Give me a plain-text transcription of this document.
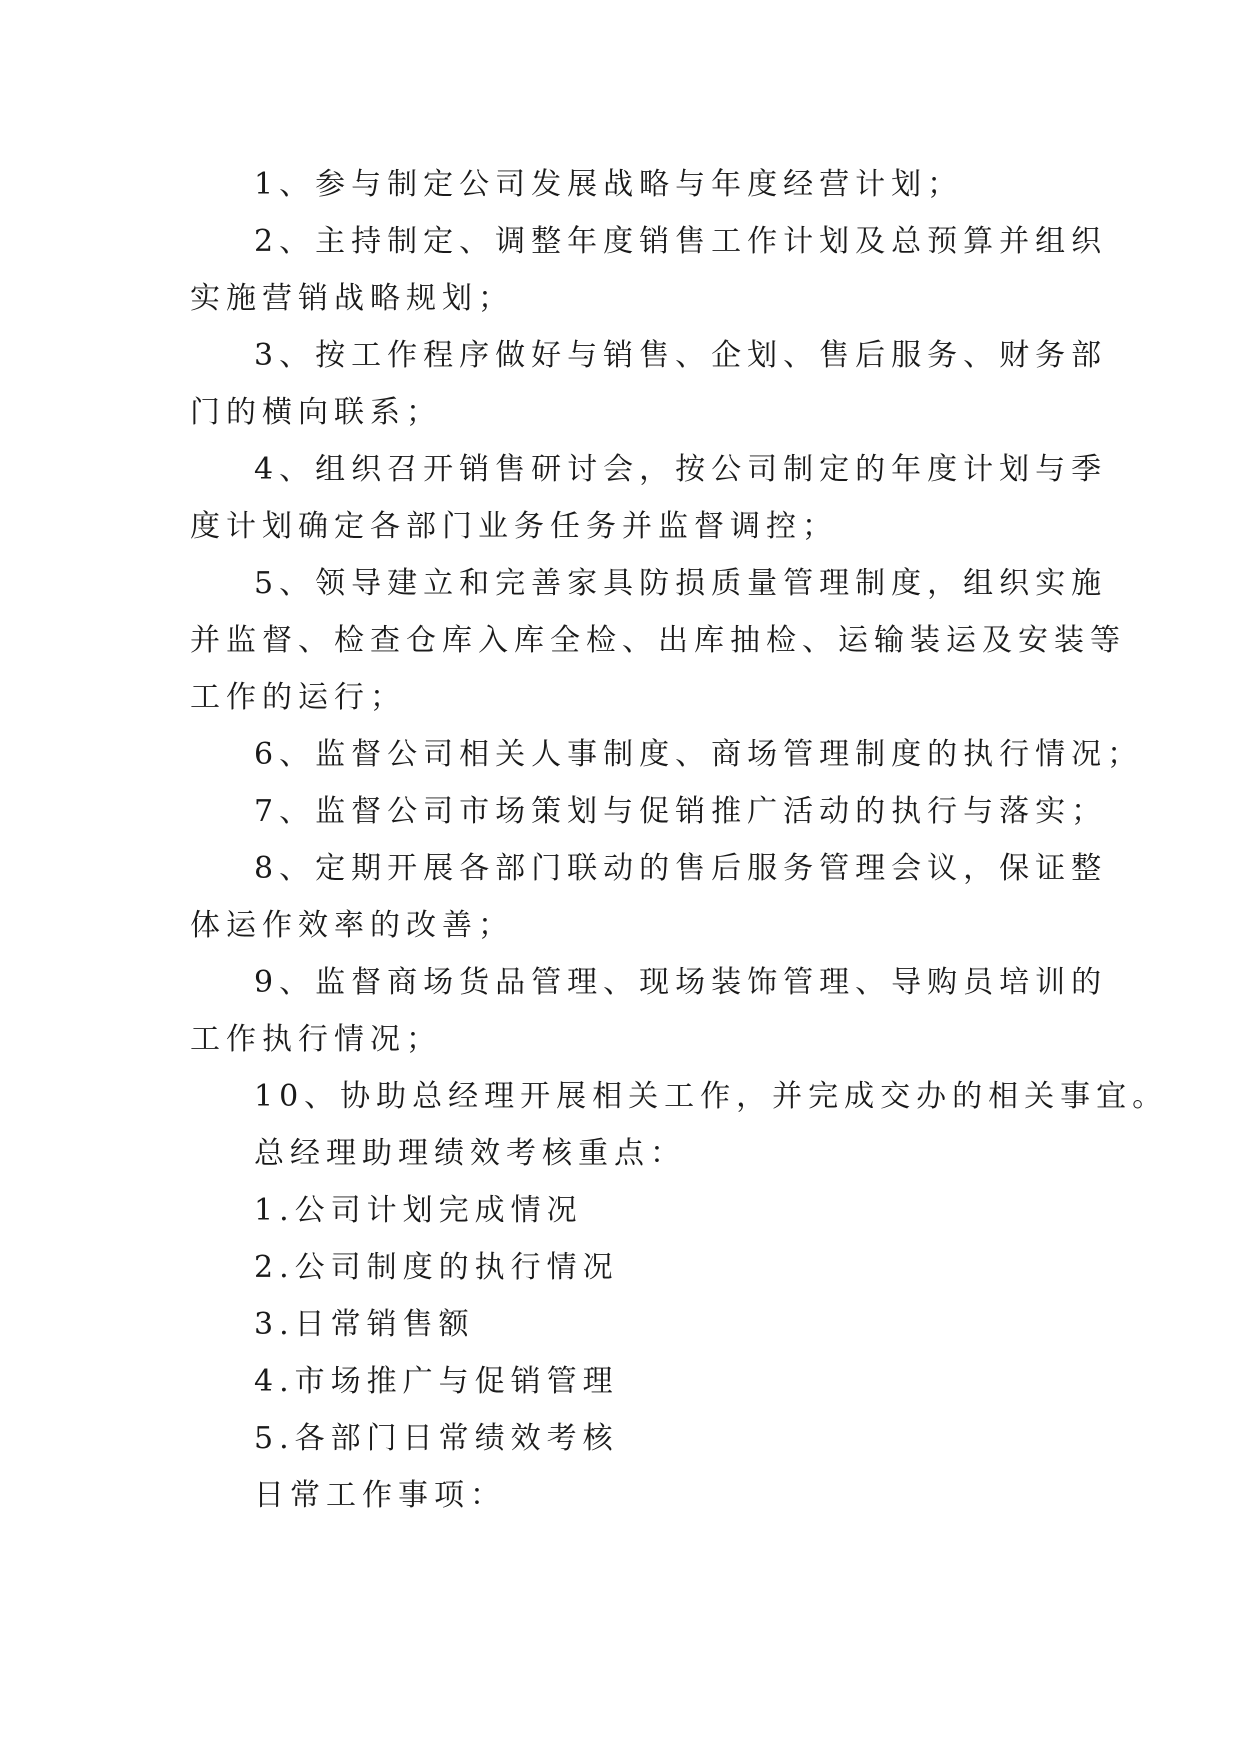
1、参与制定公司发展战略与年度经营计划；
2、主持制定、调整年度销售工作计划及总预算并组织
实施营销战略规划；
3、按工作程序做好与销售、企划、售后服务、财务部
门的横向联系；
4、组织召开销售研讨会，按公司制定的年度计划与季
度计划确定各部门业务任务并监督调控；
5、领导建立和完善家具防损质量管理制度，组织实施
并监督、检查仓库入库全检、出库抽检、运输装运及安装等
工作的运行；
6、监督公司相关人事制度、商场管理制度的执行情况；
7、监督公司市场策划与促销推广活动的执行与落实；
8、定期开展各部门联动的售后服务管理会议，保证整
体运作效率的改善；
9、监督商场货品管理、现场装饰管理、导购员培训的
工作执行情况；
10、协助总经理开展相关工作，并完成交办的相关事宜。
总经理助理绩效考核重点：
1.公司计划完成情况
2.公司制度的执行情况
3.日常销售额
4.市场推广与促销管理
5.各部门日常绩效考核
日常工作事项：
